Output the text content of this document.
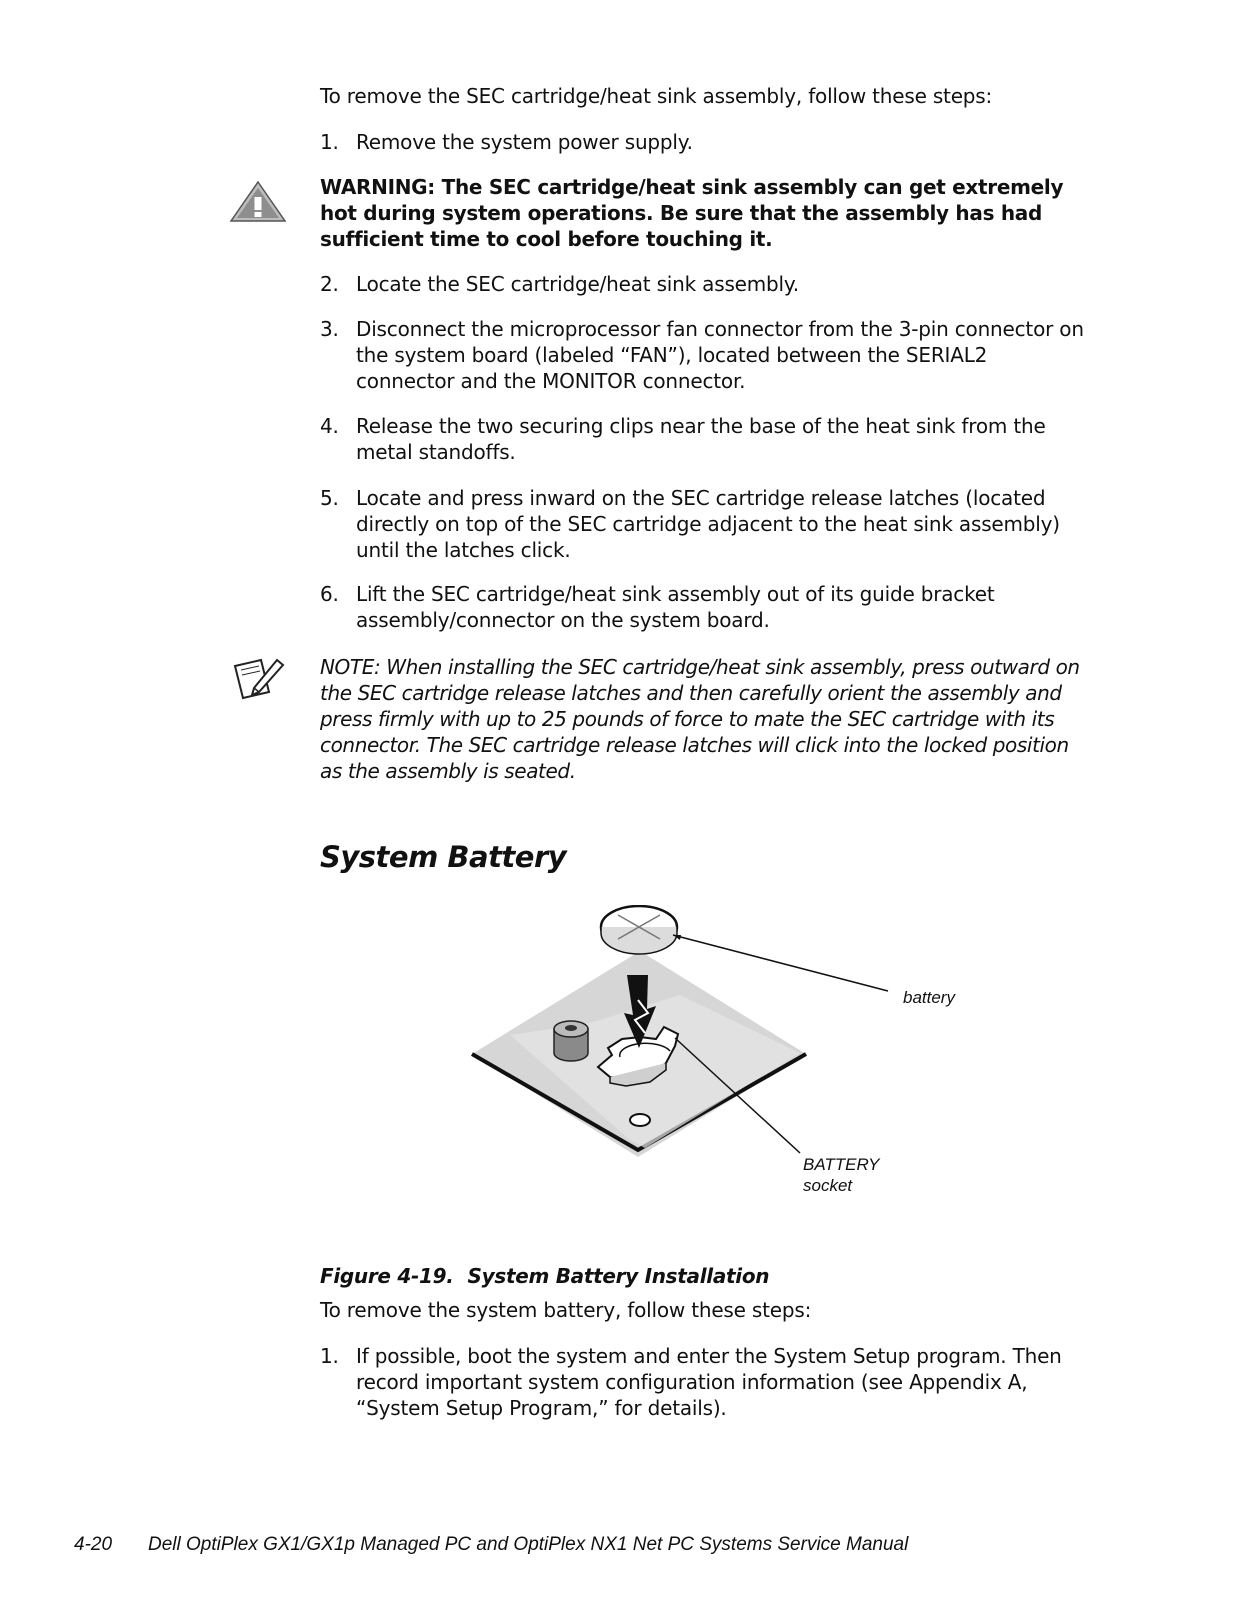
To remove the SEC cartridge/heat sink assembly, follow these steps:

1. Remove the system power supply.
WARNING: The SEC cartridge/heat sink assembly can get extremely hot during system operations. Be sure that the assembly has had sufficient time to cool before touching it.
2. Locate the SEC cartridge/heat sink assembly.
3. Disconnect the microprocessor fan connector from the 3-pin connector on the system board (labeled “FAN”), located between the SERIAL2 connector and the MONITOR connector.
4. Release the two securing clips near the base of the heat sink from the metal standoffs.
5. Locate and press inward on the SEC cartridge release latches (located directly on top of the SEC cartridge adjacent to the heat sink assembly) until the latches click.
6. Lift the SEC cartridge/heat sink assembly out of its guide bracket assembly/connector on the system board.
NOTE: When installing the SEC cartridge/heat sink assembly, press outward on the SEC cartridge release latches and then carefully orient the assembly and press firmly with up to 25 pounds of force to mate the SEC cartridge with its connector. The SEC cartridge release latches will click into the locked position as the assembly is seated.
System Battery
battery
BATTERY
socket
Figure 4-19. System Battery Installation

To remove the system battery, follow these steps:

1. If possible, boot the system and enter the System Setup program. Then record important system configuration information (see Appendix A, “System Setup Program,” for details).
4-20 Dell OptiPlex GX1/GX1p Managed PC and OptiPlex NX1 Net PC Systems Service Manual
